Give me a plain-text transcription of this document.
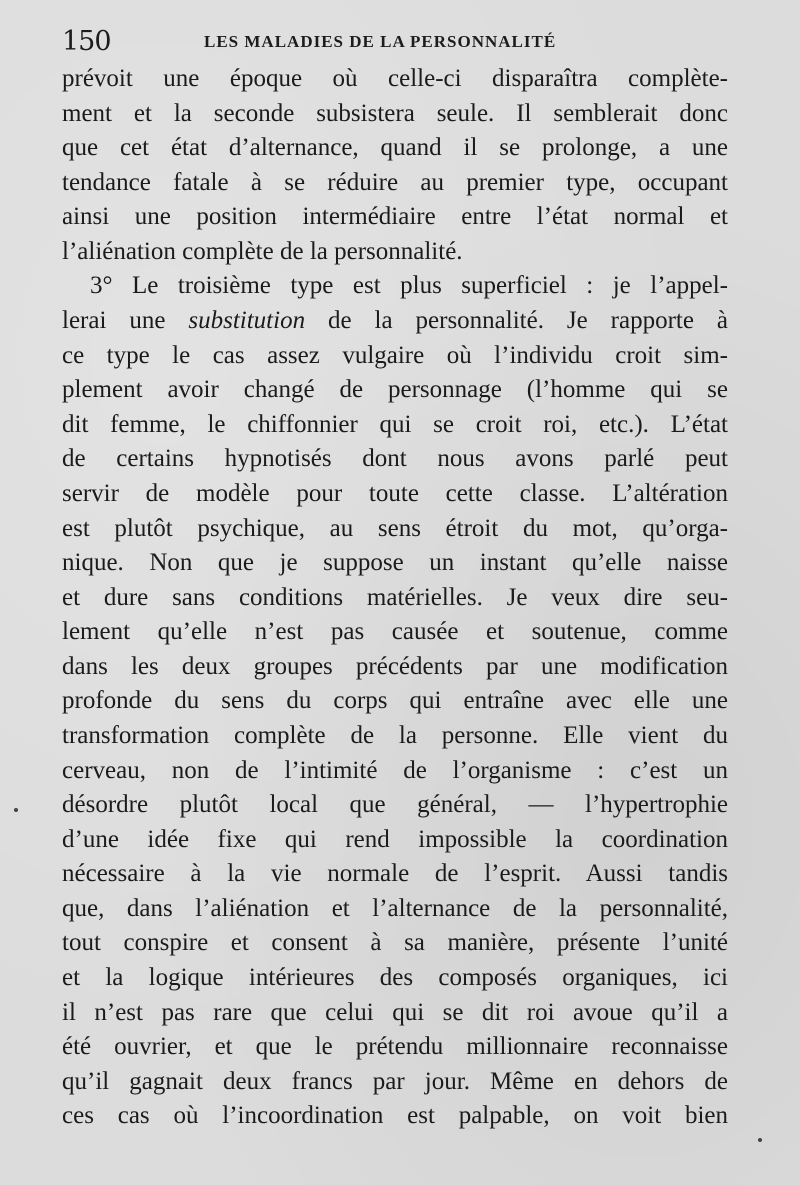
150	LES MALADIES DE LA PERSONNALITÉ
prévoit une époque où celle-ci disparaîtra complète-
ment et la seconde subsistera seule. Il semblerait donc
que cet état d’alternance, quand il se prolonge, a une
tendance fatale à se réduire au premier type, occupant
ainsi une position intermédiaire entre l’état normal et
l’aliénation complète de la personnalité.
3° Le troisième type est plus superficiel : je l’appel-
lerai une substitution de la personnalité. Je rapporte à
ce type le cas assez vulgaire où l’individu croit sim-
plement avoir changé de personnage (l’homme qui se
dit femme, le chiffonnier qui se croit roi, etc.). L’état
de certains hypnotisés dont nous avons parlé peut
servir de modèle pour toute cette classe. L’altération
est plutôt psychique, au sens étroit du mot, qu’orga-
nique. Non que je suppose un instant qu’elle naisse
et dure sans conditions matérielles. Je veux dire seu-
lement qu’elle n’est pas causée et soutenue, comme
dans les deux groupes précédents par une modification
profonde du sens du corps qui entraîne avec elle une
transformation complète de la personne. Elle vient du
cerveau, non de l’intimité de l’organisme : c’est un
désordre plutôt local que général, — l’hypertrophie
d’une idée fixe qui rend impossible la coordination
nécessaire à la vie normale de l’esprit. Aussi tandis
que, dans l’aliénation et l’alternance de la personnalité,
tout conspire et consent à sa manière, présente l’unité
et la logique intérieures des composés organiques, ici
il n’est pas rare que celui qui se dit roi avoue qu’il a
été ouvrier, et que le prétendu millionnaire reconnaisse
qu’il gagnait deux francs par jour. Même en dehors de
ces cas où l’incoordination est palpable, on voit bien
